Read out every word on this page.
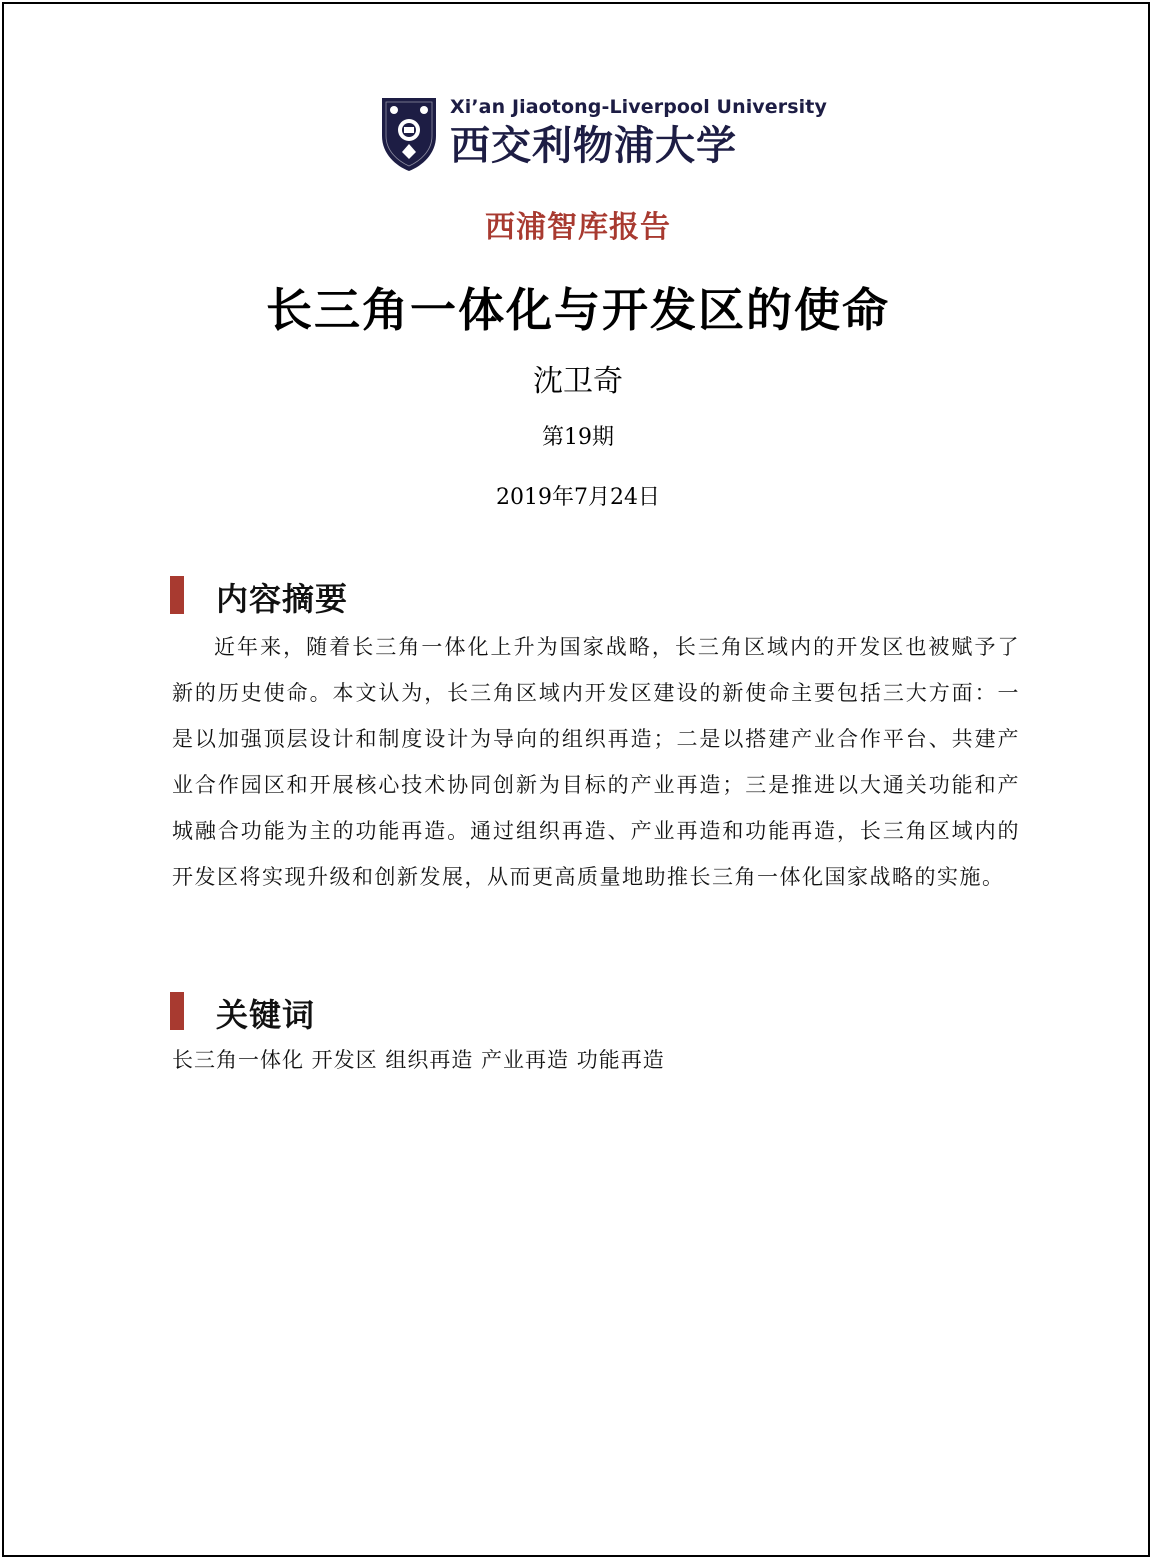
Xi’an Jiaotong-Liverpool University
西交利物浦大学
西浦智库报告
长三角一体化与开发区的使命
沈卫奇
第19期
2019年7月24日
内容摘要

近年来，随着长三角一体化上升为国家战略，长三角区域内的开发区也被赋予了新的历史使命。本文认为，长三角区域内开发区建设的新使命主要包括三大方面：一是以加强顶层设计和制度设计为导向的组织再造；二是以搭建产业合作平台、共建产业合作园区和开展核心技术协同创新为目标的产业再造；三是推进以大通关功能和产城融合功能为主的功能再造。通过组织再造、产业再造和功能再造，长三角区域内的开发区将实现升级和创新发展，从而更高质量地助推长三角一体化国家战略的实施。

关键词
长三角一体化 开发区 组织再造 产业再造 功能再造
